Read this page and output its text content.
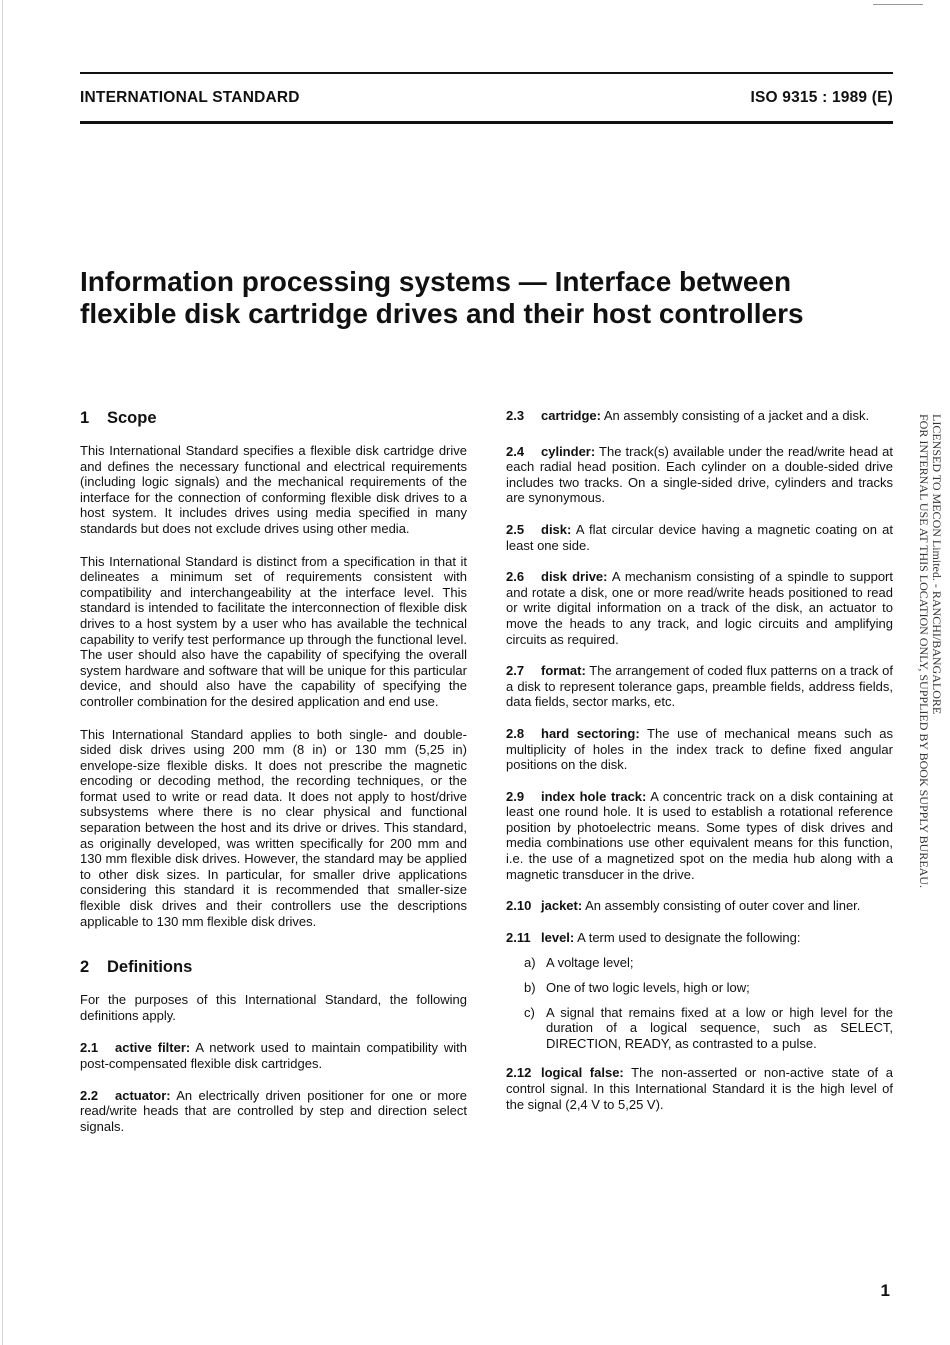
INTERNATIONAL STANDARD	ISO 9315 : 1989 (E)
Information processing systems — Interface between
flexible disk cartridge drives and their host controllers
1 Scope

This International Standard specifies a flexible disk cartridge drive and defines the necessary functional and electrical requirements (including logic signals) and the mechanical requirements of the interface for the connection of conforming flexible disk drives to a host system. It includes drives using media specified in many standards but does not exclude drives using other media.

This International Standard is distinct from a specification in that it delineates a minimum set of requirements consistent with compatibility and interchangeability at the interface level. This standard is intended to facilitate the interconnection of flexible disk drives to a host system by a user who has available the technical capability to verify test performance up through the functional level. The user should also have the capability of specifying the overall system hardware and software that will be unique for this particular device, and should also have the capability of specifying the controller combination for the desired application and end use.

This International Standard applies to both single- and double-sided disk drives using 200 mm (8 in) or 130 mm (5,25 in) envelope-size flexible disks. It does not prescribe the magnetic encoding or decoding method, the recording techniques, or the format used to write or read data. It does not apply to host/drive subsystems where there is no clear physical and functional separation between the host and its drive or drives. This standard, as originally developed, was written specifically for 200 mm and 130 mm flexible disk drives. However, the standard may be applied to other disk sizes. In particular, for smaller drive applications considering this standard it is recommended that smaller-size flexible disk drives and their controllers use the descriptions applicable to 130 mm flexible disk drives.

2 Definitions

For the purposes of this International Standard, the following definitions apply.

2.1 active filter: A network used to maintain compatibility with post-compensated flexible disk cartridges.

2.2 actuator: An electrically driven positioner for one or more read/write heads that are controlled by step and direction select signals.

2.3 cartridge: An assembly consisting of a jacket and a disk.

2.4 cylinder: The track(s) available under the read/write head at each radial head position. Each cylinder on a double-sided drive includes two tracks. On a single-sided drive, cylinders and tracks are synonymous.

2.5 disk: A flat circular device having a magnetic coating on at least one side.

2.6 disk drive: A mechanism consisting of a spindle to support and rotate a disk, one or more read/write heads positioned to read or write digital information on a track of the disk, an actuator to move the heads to any track, and logic circuits and amplifying circuits as required.

2.7 format: The arrangement of coded flux patterns on a track of a disk to represent tolerance gaps, preamble fields, address fields, data fields, sector marks, etc.

2.8 hard sectoring: The use of mechanical means such as multiplicity of holes in the index track to define fixed angular positions on the disk.

2.9 index hole track: A concentric track on a disk containing at least one round hole. It is used to establish a rotational reference position by photoelectric means. Some types of disk drives and media combinations use other equivalent means for this function, i.e. the use of a magnetized spot on the media hub along with a magnetic transducer in the drive.

2.10 jacket: An assembly consisting of outer cover and liner.

2.11 level: A term used to designate the following:

a) A voltage level;

b) One of two logic levels, high or low;

c) A signal that remains fixed at a low or high level for the duration of a logical sequence, such as SELECT, DIRECTION, READY, as contrasted to a pulse.

2.12 logical false: The non-asserted or non-active state of a control signal. In this International Standard it is the high level of the signal (2,4 V to 5,25 V).

LICENSED TO MECON Limited. - RANCHI/BANGALORE
FOR INTERNAL USE AT THIS LOCATION ONLY, SUPPLIED BY BOOK SUPPLY BUREAU.
1
